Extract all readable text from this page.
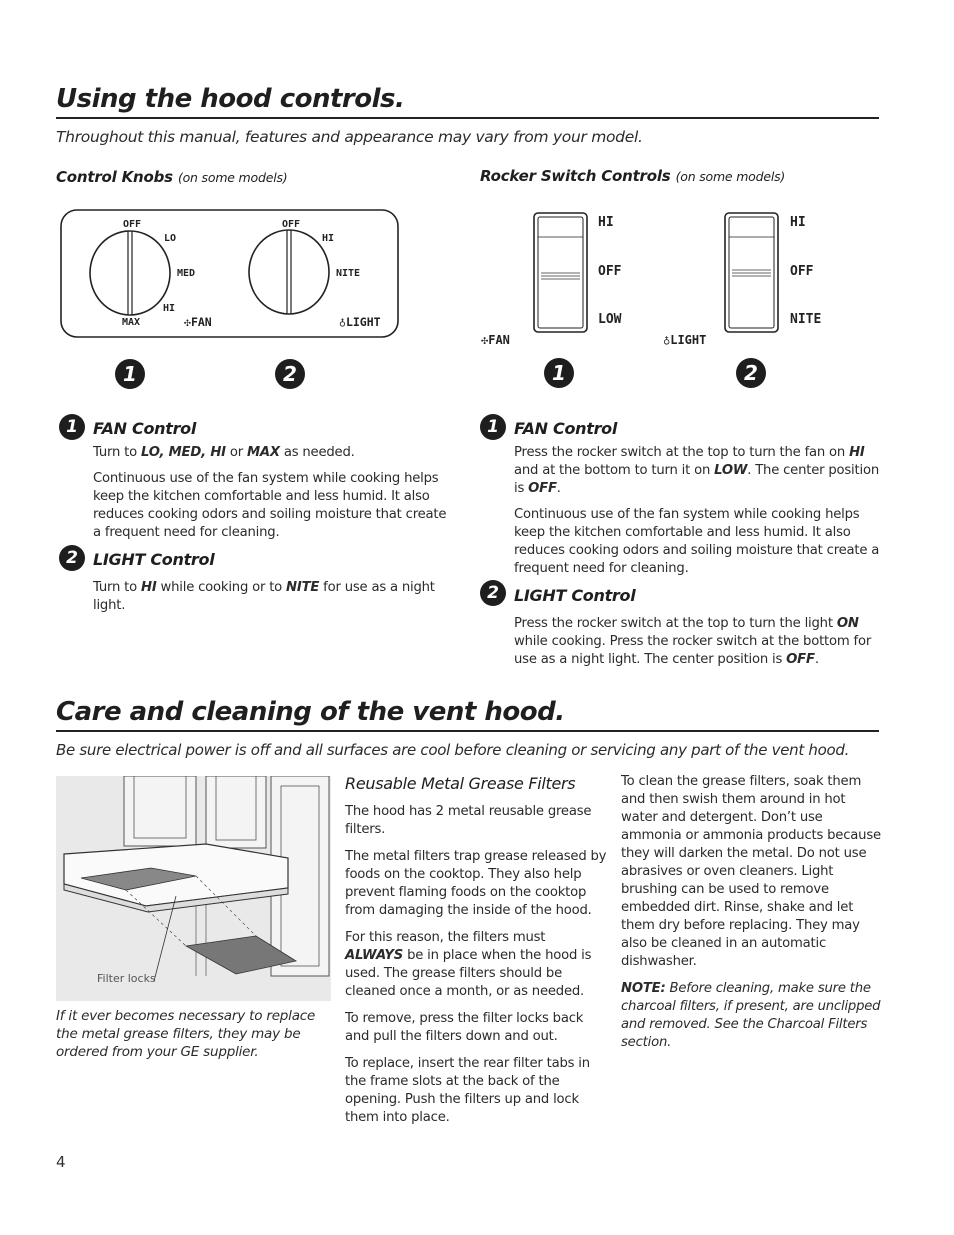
Using the hood controls.
Throughout this manual, features and appearance may vary from your model.
Control Knobs (on some models)	Rocker Switch Controls (on some models)
OFF
LO
MED
HI
MAX	✣FAN
OFF
HI
NITE
♁LIGHT
1	2
HI
OFF
LOW
✣FAN
HI
OFF
NITE
♁LIGHT
1	2
1 FAN Control

Turn to LO, MED, HI or MAX as needed.

Continuous use of the fan system while cooking helps keep the kitchen comfortable and less humid. It also reduces cooking odors and soiling moisture that create a frequent need for cleaning.

2 LIGHT Control

Turn to HI while cooking or to NITE for use as a night light.

1 FAN Control

Press the rocker switch at the top to turn the fan on HI and at the bottom to turn it on LOW. The center position is OFF.

Continuous use of the fan system while cooking helps keep the kitchen comfortable and less humid. It also reduces cooking odors and soiling moisture that create a frequent need for cleaning.

2 LIGHT Control

Press the rocker switch at the top to turn the light ON while cooking. Press the rocker switch at the bottom for use as a night light. The center position is OFF.

Care and cleaning of the vent hood.
Be sure electrical power is off and all surfaces are cool before cleaning or servicing any part of the vent hood.
Filter locks
If it ever becomes necessary to replace the metal grease filters, they may be ordered from your GE supplier.
Reusable Metal Grease Filters

The hood has 2 metal reusable grease filters.

The metal filters trap grease released by foods on the cooktop. They also help prevent flaming foods on the cooktop from damaging the inside of the hood.

For this reason, the filters must ALWAYS be in place when the hood is used. The grease filters should be cleaned once a month, or as needed.

To remove, press the filter locks back and pull the filters down and out.

To replace, insert the rear filter tabs in the frame slots at the back of the opening. Push the filters up and lock them into place.

To clean the grease filters, soak them and then swish them around in hot water and detergent. Don’t use ammonia or ammonia products because they will darken the metal. Do not use abrasives or oven cleaners. Light brushing can be used to remove embedded dirt. Rinse, shake and let them dry before replacing. They may also be cleaned in an automatic dishwasher.

NOTE: Before cleaning, make sure the charcoal filters, if present, are unclipped and removed. See the Charcoal Filters section.

4
